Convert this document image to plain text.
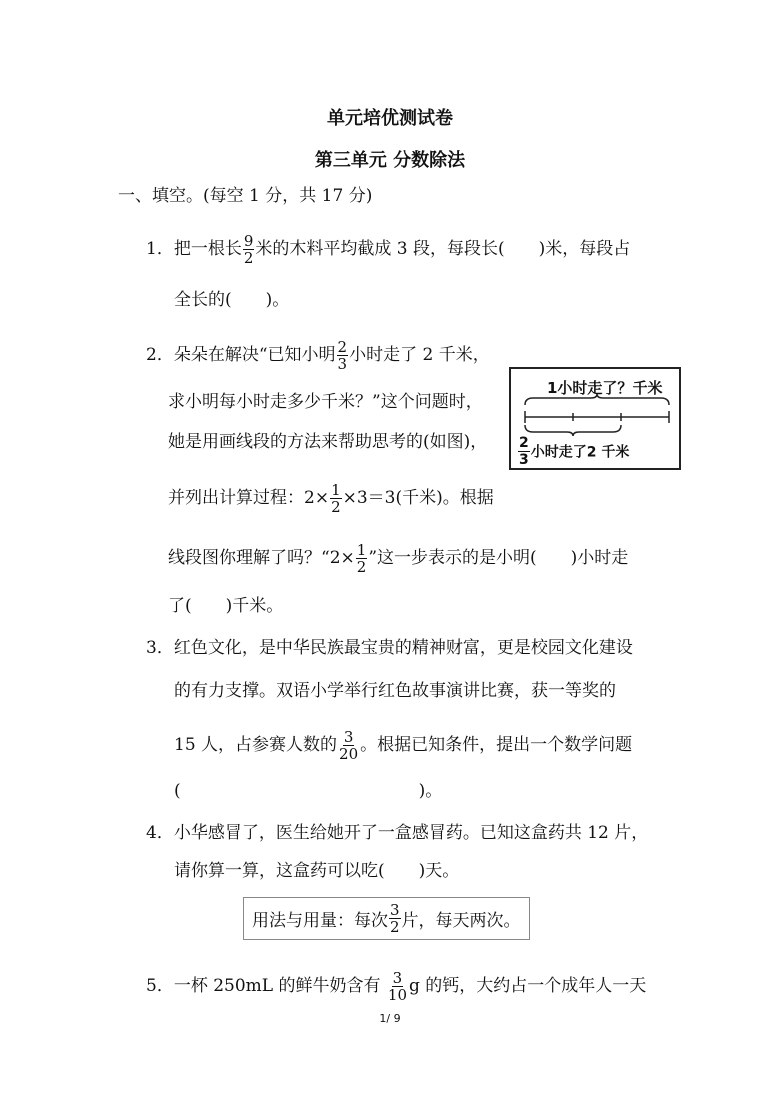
单元培优测试卷
第三单元 分数除法
一、填空。(每空 1 分，共 17 分)
1．把一根长 $\frac{9}{2}$ 米的木料平均截成 3 段，每段长(　　)米，每段占
全长的(　　)。
2．朵朵在解决“已知小明 $\frac{2}{3}$ 小时走了 2 千米，
求小明每小时走多少千米？”这个问题时，
她是用画线段的方法来帮助思考的(如图)，
并列出计算过程：$2\times \frac{1}{2} \times 3=3$(千米)。根据
线段图你理解了吗？“$2\times \frac{1}{2}$ ”这一步表示的是小明(　　)小时走
了(　　)千米。
1小时走了？千米
$\frac{2}{3}$ 小时走了2 千米
3．红色文化，是中华民族最宝贵的精神财富，更是校园文化建设
的有力支撑。双语小学举行红色故事演讲比赛，获一等奖的
15 人，占参赛人数的 $\frac{3}{20}$ 。根据已知条件，提出一个数学问题
(　　　　　　　　　　　　　　)。
4．小华感冒了，医生给她开了一盒感冒药。已知这盒药共 12 片，
请你算一算，这盒药可以吃(　　)天。
用法与用量：每次 $\frac{3}{2}$ 片，每天两次。
5．一杯 250mL 的鲜牛奶含有 $\frac{3}{10}$ g 的钙，大约占一个成年人一天
1/ 9
